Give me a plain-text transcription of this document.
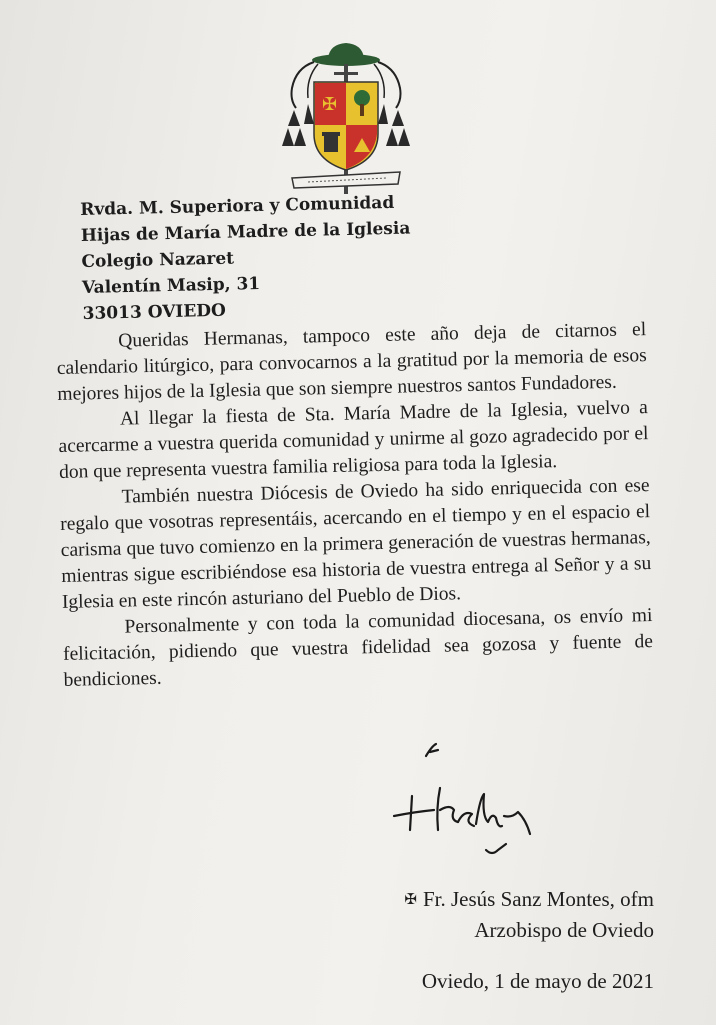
✠
Rvda. M. Superiora y Comunidad
Hijas de María Madre de la Iglesia
Colegio Nazaret
Valentín Masip, 31
33013 OVIEDO

Queridas Hermanas, tampoco este año deja de citarnos el calendario litúrgico, para convocarnos a la gratitud por la memoria de esos mejores hijos de la Iglesia que son siempre nuestros santos Fundadores.

Al llegar la fiesta de Sta. María Madre de la Iglesia, vuelvo a acercarme a vuestra querida comunidad y unirme al gozo agradecido por el don que representa vuestra familia religiosa para toda la Iglesia.

También nuestra Diócesis de Oviedo ha sido enriquecida con ese regalo que vosotras representáis, acercando en el tiempo y en el espacio el carisma que tuvo comienzo en la primera generación de vuestras hermanas, mientras sigue escribiéndose esa historia de vuestra entrega al Señor y a su Iglesia en este rincón asturiano del Pueblo de Dios.

Personalmente y con toda la comunidad diocesana, os envío mi felicitación, pidiendo que vuestra fidelidad sea gozosa y fuente de bendiciones.

✠ Fr. Jesús Sanz Montes, ofm
Arzobispo de Oviedo
Oviedo, 1 de mayo de 2021
